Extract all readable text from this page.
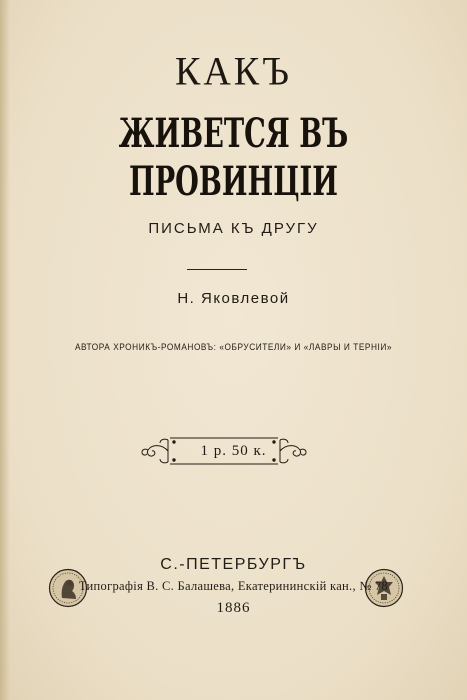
КАКЪ
ЖИВЕТСЯ ВЪ ПРОВИНЦІИ
ПИСЬМА КЪ ДРУГУ
Н. Яковлевой
АВТОРА ХРОНИКЪ-РОМАНОВЪ: «ОБРУСИТЕЛИ» И «ЛАВРЫ И ТЕРНІИ»
1 р. 50 к.
С.-ПЕТЕРБУРГЪ
Типографія В. С. Балашева, Екатерининскій кан., № 78
1886
